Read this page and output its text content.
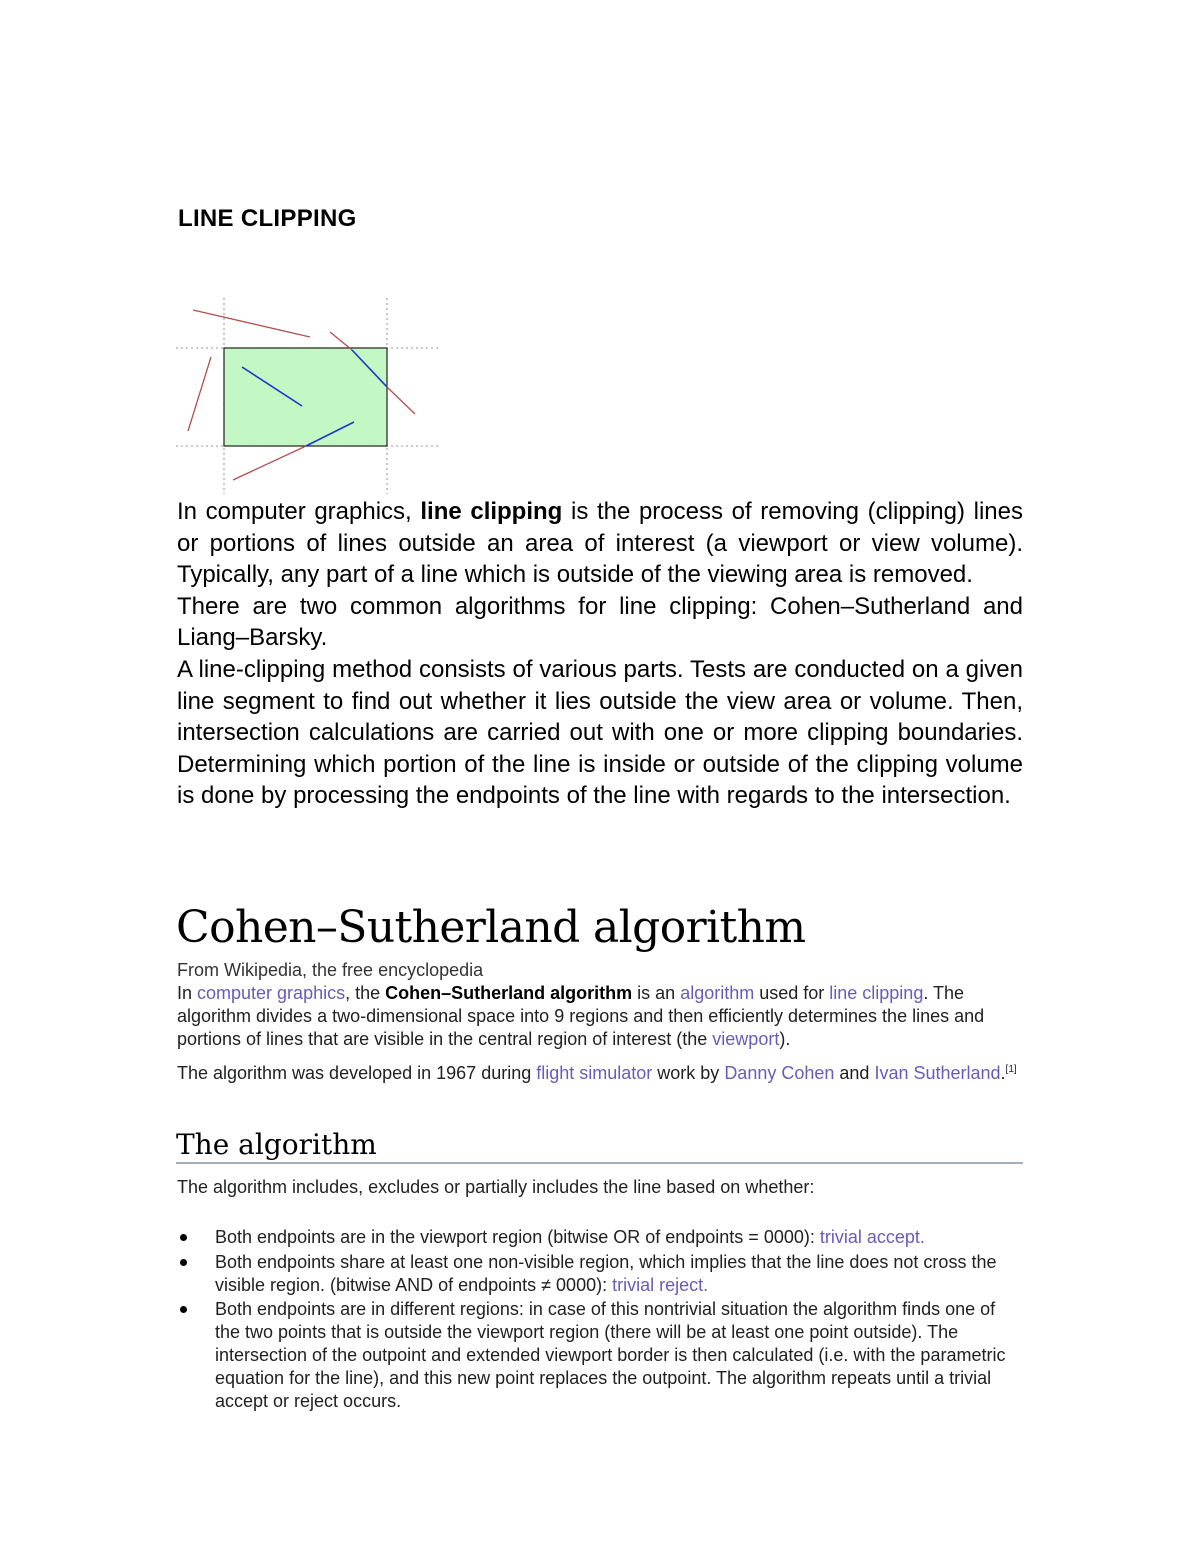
LINE CLIPPING

In computer graphics, line clipping is the process of removing (clipping) lines or portions of lines outside an area of interest (a viewport or view volume). Typically, any part of a line which is outside of the viewing area is removed.

There are two common algorithms for line clipping: Cohen–Sutherland and Liang–Barsky.

A line-clipping method consists of various parts. Tests are conducted on a given line segment to find out whether it lies outside the view area or volume. Then, intersection calculations are carried out with one or more clipping boundaries. Determining which portion of the line is inside or outside of the clipping volume is done by processing the endpoints of the line with regards to the intersection.

Cohen–Sutherland algorithm
From Wikipedia, the free encyclopedia

In computer graphics, the Cohen–Sutherland algorithm is an algorithm used for line clipping. The algorithm divides a two-dimensional space into 9 regions and then efficiently determines the lines and portions of lines that are visible in the central region of interest (the viewport).

The algorithm was developed in 1967 during flight simulator work by Danny Cohen and Ivan Sutherland.[1]

The algorithm

The algorithm includes, excludes or partially includes the line based on whether:

Both endpoints are in the viewport region (bitwise OR of endpoints = 0000): trivial accept.
Both endpoints share at least one non-visible region, which implies that the line does not cross the visible region. (bitwise AND of endpoints ≠ 0000): trivial reject.
Both endpoints are in different regions: in case of this nontrivial situation the algorithm finds one of the two points that is outside the viewport region (there will be at least one point outside). The intersection of the outpoint and extended viewport border is then calculated (i.e. with the parametric equation for the line), and this new point replaces the outpoint. The algorithm repeats until a trivial accept or reject occurs.
